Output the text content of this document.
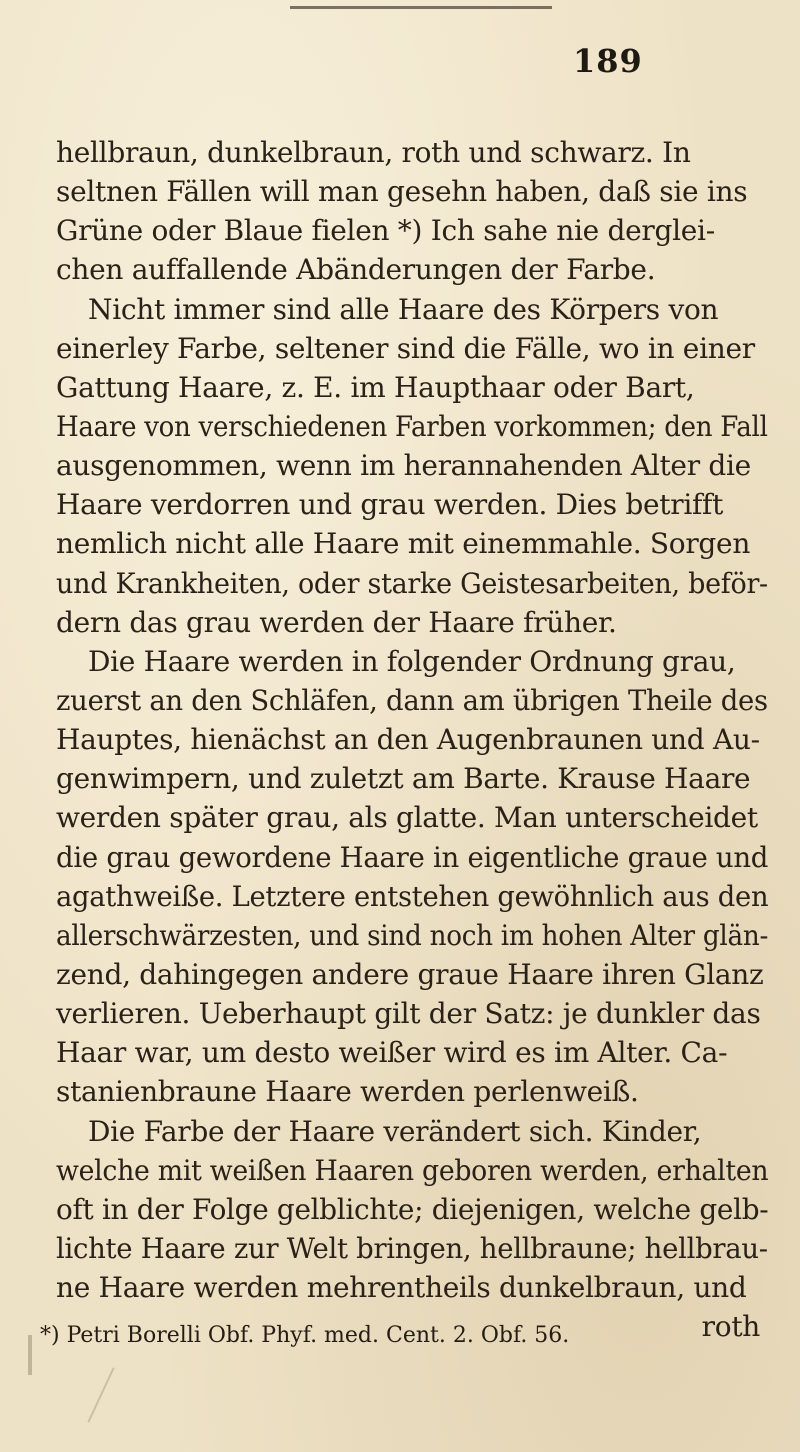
189
hellbraun, dunkelbraun, roth und schwarz. In
seltnen Fällen will man gesehn haben, daß sie ins
Grüne oder Blaue fielen *) Ich sahe nie derglei-
chen auffallende Abänderungen der Farbe.
Nicht immer sind alle Haare des Körpers von
einerley Farbe, seltener sind die Fälle, wo in einer
Gattung Haare, z. E. im Haupthaar oder Bart,
Haare von verschiedenen Farben vorkommen; den Fall
ausgenommen, wenn im herannahenden Alter die
Haare verdorren und grau werden. Dies betrifft
nemlich nicht alle Haare mit einemmahle. Sorgen
und Krankheiten, oder starke Geistesarbeiten, beför-
dern das grau werden der Haare früher.
Die Haare werden in folgender Ordnung grau,
zuerst an den Schläfen, dann am übrigen Theile des
Hauptes, hienächst an den Augenbraunen und Au-
genwimpern, und zuletzt am Barte. Krause Haare
werden später grau, als glatte. Man unterscheidet
die grau gewordene Haare in eigentliche graue und
agathweiße. Letztere entstehen gewöhnlich aus den
allerschwärzesten, und sind noch im hohen Alter glän-
zend, dahingegen andere graue Haare ihren Glanz
verlieren. Ueberhaupt gilt der Satz: je dunkler das
Haar war, um desto weißer wird es im Alter. Ca-
stanienbraune Haare werden perlenweiß.
Die Farbe der Haare verändert sich. Kinder,
welche mit weißen Haaren geboren werden, erhalten
oft in der Folge gelblichte; diejenigen, welche gelb-
lichte Haare zur Welt bringen, hellbraune; hellbrau-
ne Haare werden mehrentheils dunkelbraun, und
roth
*) Petri Borelli Obf. Phyf. med. Cent. 2. Obf. 56.
